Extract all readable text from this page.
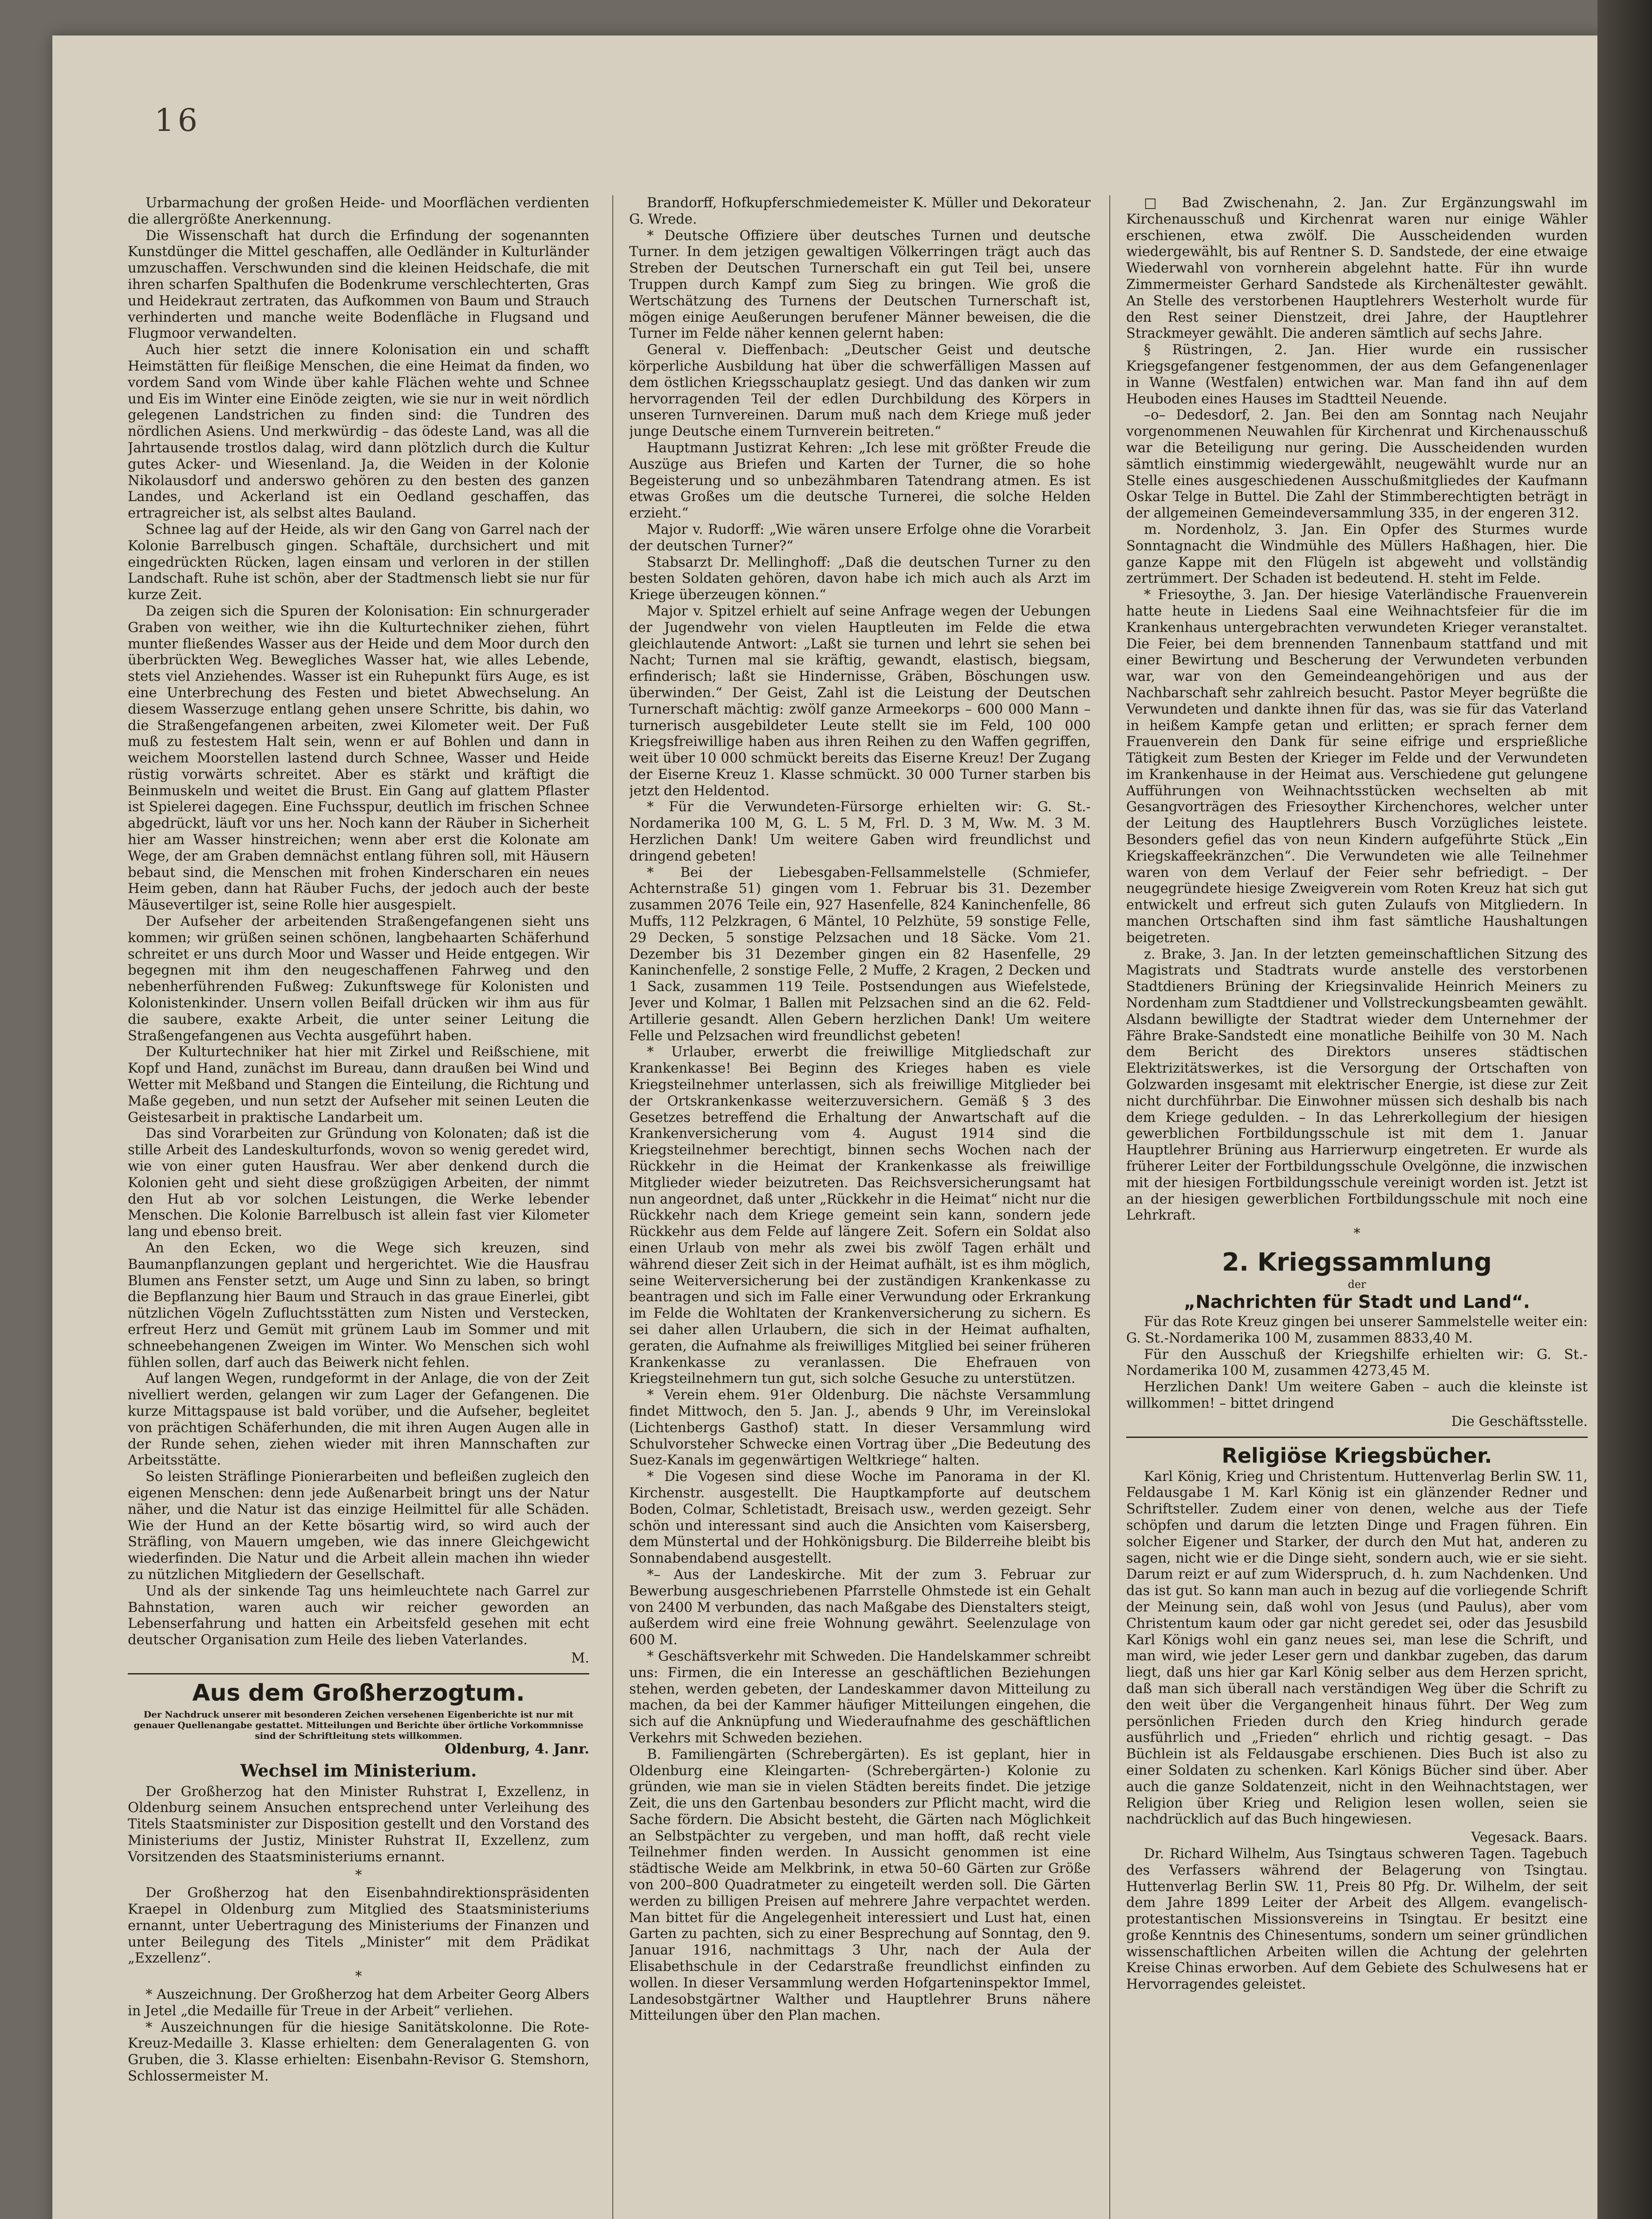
16

Urbarmachung der großen Heide- und Moorflächen verdienten die allergrößte Anerkennung.

Die Wissenschaft hat durch die Erfindung der sogenannten Kunstdünger die Mittel geschaffen, alle Oedländer in Kulturländer umzuschaffen. Verschwunden sind die kleinen Heidschafe, die mit ihren scharfen Spalthufen die Bodenkrume verschlechterten, Gras und Heidekraut zertraten, das Aufkommen von Baum und Strauch verhinderten und manche weite Bodenfläche in Flugsand und Flugmoor verwandelten.

Auch hier setzt die innere Kolonisation ein und schafft Heimstätten für fleißige Menschen, die eine Heimat da finden, wo vordem Sand vom Winde über kahle Flächen wehte und Schnee und Eis im Winter eine Einöde zeigten, wie sie nur in weit nördlich gelegenen Landstrichen zu finden sind: die Tundren des nördlichen Asiens. Und merkwürdig – das ödeste Land, was all die Jahrtausende trostlos dalag, wird dann plötzlich durch die Kultur gutes Acker- und Wiesenland. Ja, die Weiden in der Kolonie Nikolausdorf und anderswo gehören zu den besten des ganzen Landes, und Ackerland ist ein Oedland geschaffen, das ertragreicher ist, als selbst altes Bauland.

Schnee lag auf der Heide, als wir den Gang von Garrel nach der Kolonie Barrelbusch gingen. Schaftäle, durchsichert und mit eingedrückten Rücken, lagen einsam und verloren in der stillen Landschaft. Ruhe ist schön, aber der Stadtmensch liebt sie nur für kurze Zeit.

Da zeigen sich die Spuren der Kolonisation: Ein schnurgerader Graben von weither, wie ihn die Kulturtechniker ziehen, führt munter fließendes Wasser aus der Heide und dem Moor durch den überbrückten Weg. Bewegliches Wasser hat, wie alles Lebende, stets viel Anziehendes. Wasser ist ein Ruhepunkt fürs Auge, es ist eine Unterbrechung des Festen und bietet Abwechselung. An diesem Wasserzuge entlang gehen unsere Schritte, bis dahin, wo die Straßengefangenen arbeiten, zwei Kilometer weit. Der Fuß muß zu festestem Halt sein, wenn er auf Bohlen und dann in weichem Moorstellen lastend durch Schnee, Wasser und Heide rüstig vorwärts schreitet. Aber es stärkt und kräftigt die Beinmuskeln und weitet die Brust. Ein Gang auf glattem Pflaster ist Spielerei dagegen. Eine Fuchsspur, deutlich im frischen Schnee abgedrückt, läuft vor uns her. Noch kann der Räuber in Sicherheit hier am Wasser hinstreichen; wenn aber erst die Kolonate am Wege, der am Graben demnächst entlang führen soll, mit Häusern bebaut sind, die Menschen mit frohen Kinderscharen ein neues Heim geben, dann hat Räuber Fuchs, der jedoch auch der beste Mäusevertilger ist, seine Rolle hier ausgespielt.

Der Aufseher der arbeitenden Straßengefangenen sieht uns kommen; wir grüßen seinen schönen, langbehaarten Schäferhund schreitet er uns durch Moor und Wasser und Heide entgegen. Wir begegnen mit ihm den neugeschaffenen Fahrweg und den nebenherführenden Fußweg: Zukunftswege für Kolonisten und Kolonistenkinder. Unsern vollen Beifall drücken wir ihm aus für die saubere, exakte Arbeit, die unter seiner Leitung die Straßengefangenen aus Vechta ausgeführt haben.

Der Kulturtechniker hat hier mit Zirkel und Reißschiene, mit Kopf und Hand, zunächst im Bureau, dann draußen bei Wind und Wetter mit Meßband und Stangen die Einteilung, die Richtung und Maße gegeben, und nun setzt der Aufseher mit seinen Leuten die Geistesarbeit in praktische Landarbeit um.

Das sind Vorarbeiten zur Gründung von Kolonaten; daß ist die stille Arbeit des Landeskulturfonds, wovon so wenig geredet wird, wie von einer guten Hausfrau. Wer aber denkend durch die Kolonien geht und sieht diese großzügigen Arbeiten, der nimmt den Hut ab vor solchen Leistungen, die Werke lebender Menschen. Die Kolonie Barrelbusch ist allein fast vier Kilometer lang und ebenso breit.

An den Ecken, wo die Wege sich kreuzen, sind Baumanpflanzungen geplant und hergerichtet. Wie die Hausfrau Blumen ans Fenster setzt, um Auge und Sinn zu laben, so bringt die Bepflanzung hier Baum und Strauch in das graue Einerlei, gibt nützlichen Vögeln Zufluchtsstätten zum Nisten und Verstecken, erfreut Herz und Gemüt mit grünem Laub im Sommer und mit schneebehangenen Zweigen im Winter. Wo Menschen sich wohl fühlen sollen, darf auch das Beiwerk nicht fehlen.

Auf langen Wegen, rundgeformt in der Anlage, die von der Zeit nivelliert werden, gelangen wir zum Lager der Gefangenen. Die kurze Mittagspause ist bald vorüber, und die Aufseher, begleitet von prächtigen Schäferhunden, die mit ihren Augen Augen alle in der Runde sehen, ziehen wieder mit ihren Mannschaften zur Arbeitsstätte.

So leisten Sträflinge Pionierarbeiten und befleißen zugleich den eigenen Menschen: denn jede Außenarbeit bringt uns der Natur näher, und die Natur ist das einzige Heilmittel für alle Schäden. Wie der Hund an der Kette bösartig wird, so wird auch der Sträfling, von Mauern umgeben, wie das innere Gleichgewicht wiederfinden. Die Natur und die Arbeit allein machen ihn wieder zu nützlichen Mitgliedern der Gesellschaft.

Und als der sinkende Tag uns heimleuchtete nach Garrel zur Bahnstation, waren auch wir reicher geworden an Lebenserfahrung und hatten ein Arbeitsfeld gesehen mit echt deutscher Organisation zum Heile des lieben Vaterlandes.

M.

Aus dem Großherzogtum.

Der Nachdruck unserer mit besonderen Zeichen versehenen Eigenberichte ist nur mit genauer Quellenangabe gestattet. Mitteilungen und Berichte über örtliche Vorkommnisse sind der Schriftleitung stets willkommen.

Oldenburg, 4. Janr.

Wechsel im Ministerium.

Der Großherzog hat den Minister Ruhstrat I, Exzellenz, in Oldenburg seinem Ansuchen entsprechend unter Verleihung des Titels Staatsminister zur Disposition gestellt und den Vorstand des Ministeriums der Justiz, Minister Ruhstrat II, Exzellenz, zum Vorsitzenden des Staatsministeriums ernannt.

*

Der Großherzog hat den Eisenbahndirektionspräsidenten Kraepel in Oldenburg zum Mitglied des Staatsministeriums ernannt, unter Uebertragung des Ministeriums der Finanzen und unter Beilegung des Titels „Minister“ mit dem Prädikat „Exzellenz“.

*

* Auszeichnung. Der Großherzog hat dem Arbeiter Georg Albers in Jetel „die Medaille für Treue in der Arbeit“ verliehen.

* Auszeichnungen für die hiesige Sanitätskolonne. Die Rote-Kreuz-Medaille 3. Klasse erhielten: dem Generalagenten G. von Gruben, die 3. Klasse erhielten: Eisenbahn-Revisor G. Stemshorn, Schlossermeister M.

Brandorff, Hofkupferschmiedemeister K. Müller und Dekorateur G. Wrede.

* Deutsche Offiziere über deutsches Turnen und deutsche Turner. In dem jetzigen gewaltigen Völkerringen trägt auch das Streben der Deutschen Turnerschaft ein gut Teil bei, unsere Truppen durch Kampf zum Sieg zu bringen. Wie groß die Wertschätzung des Turnens der Deutschen Turnerschaft ist, mögen einige Aeußerungen berufener Männer beweisen, die die Turner im Felde näher kennen gelernt haben:

General v. Dieffenbach: „Deutscher Geist und deutsche körperliche Ausbildung hat über die schwerfälligen Massen auf dem östlichen Kriegsschauplatz gesiegt. Und das danken wir zum hervorragenden Teil der edlen Durchbildung des Körpers in unseren Turnvereinen. Darum muß nach dem Kriege muß jeder junge Deutsche einem Turnverein beitreten.“

Hauptmann Justizrat Kehren: „Ich lese mit größter Freude die Auszüge aus Briefen und Karten der Turner, die so hohe Begeisterung und so unbezähmbaren Tatendrang atmen. Es ist etwas Großes um die deutsche Turnerei, die solche Helden erzieht.“

Major v. Rudorff: „Wie wären unsere Erfolge ohne die Vorarbeit der deutschen Turner?“

Stabsarzt Dr. Mellinghoff: „Daß die deutschen Turner zu den besten Soldaten gehören, davon habe ich mich auch als Arzt im Kriege überzeugen können.“

Major v. Spitzel erhielt auf seine Anfrage wegen der Uebungen der Jugendwehr von vielen Hauptleuten im Felde die etwa gleichlautende Antwort: „Laßt sie turnen und lehrt sie sehen bei Nacht; Turnen mal sie kräftig, gewandt, elastisch, biegsam, erfinderisch; laßt sie Hindernisse, Gräben, Böschungen usw. überwinden.“ Der Geist, Zahl ist die Leistung der Deutschen Turnerschaft mächtig: zwölf ganze Armeekorps – 600 000 Mann – turnerisch ausgebildeter Leute stellt sie im Feld, 100 000 Kriegsfreiwillige haben aus ihren Reihen zu den Waffen gegriffen, weit über 10 000 schmückt bereits das Eiserne Kreuz! Der Zugang der Eiserne Kreuz 1. Klasse schmückt. 30 000 Turner starben bis jetzt den Heldentod.

* Für die Verwundeten-Fürsorge erhielten wir: G. St.-Nordamerika 100 M, G. L. 5 M, Frl. D. 3 M, Ww. M. 3 M. Herzlichen Dank! Um weitere Gaben wird freundlichst und dringend gebeten!

* Bei der Liebesgaben-Fellsammelstelle (Schmiefer, Achternstraße 51) gingen vom 1. Februar bis 31. Dezember zusammen 2076 Teile ein, 927 Hasenfelle, 824 Kaninchenfelle, 86 Muffs, 112 Pelzkragen, 6 Mäntel, 10 Pelzhüte, 59 sonstige Felle, 29 Decken, 5 sonstige Pelzsachen und 18 Säcke. Vom 21. Dezember bis 31 Dezember gingen ein 82 Hasenfelle, 29 Kaninchenfelle, 2 sonstige Felle, 2 Muffe, 2 Kragen, 2 Decken und 1 Sack, zusammen 119 Teile. Postsendungen aus Wiefelstede, Jever und Kolmar, 1 Ballen mit Pelzsachen sind an die 62. Feld-Artillerie gesandt. Allen Gebern herzlichen Dank! Um weitere Felle und Pelzsachen wird freundlichst gebeten!

* Urlauber, erwerbt die freiwillige Mitgliedschaft zur Krankenkasse! Bei Beginn des Krieges haben es viele Kriegsteilnehmer unterlassen, sich als freiwillige Mitglieder bei der Ortskrankenkasse weiterzuversichern. Gemäß § 3 des Gesetzes betreffend die Erhaltung der Anwartschaft auf die Krankenversicherung vom 4. August 1914 sind die Kriegsteilnehmer berechtigt, binnen sechs Wochen nach der Rückkehr in die Heimat der Krankenkasse als freiwillige Mitglieder wieder beizutreten. Das Reichsversicherungsamt hat nun angeordnet, daß unter „Rückkehr in die Heimat“ nicht nur die Rückkehr nach dem Kriege gemeint sein kann, sondern jede Rückkehr aus dem Felde auf längere Zeit. Sofern ein Soldat also einen Urlaub von mehr als zwei bis zwölf Tagen erhält und während dieser Zeit sich in der Heimat aufhält, ist es ihm möglich, seine Weiterversicherung bei der zuständigen Krankenkasse zu beantragen und sich im Falle einer Verwundung oder Erkrankung im Felde die Wohltaten der Krankenversicherung zu sichern. Es sei daher allen Urlaubern, die sich in der Heimat aufhalten, geraten, die Aufnahme als freiwilliges Mitglied bei seiner früheren Krankenkasse zu veranlassen. Die Ehefrauen von Kriegsteilnehmern tun gut, sich solche Gesuche zu unterstützen.

* Verein ehem. 91er Oldenburg. Die nächste Versammlung findet Mittwoch, den 5. Jan. J., abends 9 Uhr, im Vereinslokal (Lichtenbergs Gasthof) statt. In dieser Versammlung wird Schulvorsteher Schwecke einen Vortrag über „Die Bedeutung des Suez-Kanals im gegenwärtigen Weltkriege“ halten.

* Die Vogesen sind diese Woche im Panorama in der Kl. Kirchenstr. ausgestellt. Die Hauptkampforte auf deutschem Boden, Colmar, Schletistadt, Breisach usw., werden gezeigt. Sehr schön und interessant sind auch die Ansichten vom Kaisersberg, dem Münstertal und der Hohkönigsburg. Die Bilderreihe bleibt bis Sonnabendabend ausgestellt.

*– Aus der Landeskirche. Mit der zum 3. Februar zur Bewerbung ausgeschriebenen Pfarrstelle Ohmstede ist ein Gehalt von 2400 M verbunden, das nach Maßgabe des Dienstalters steigt, außerdem wird eine freie Wohnung gewährt. Seelenzulage von 600 M.

* Geschäftsverkehr mit Schweden. Die Handelskammer schreibt uns: Firmen, die ein Interesse an geschäftlichen Beziehungen stehen, werden gebeten, der Landeskammer davon Mitteilung zu machen, da bei der Kammer häufiger Mitteilungen eingehen, die sich auf die Anknüpfung und Wiederaufnahme des geschäftlichen Verkehrs mit Schweden beziehen.

B. Familiengärten (Schrebergärten). Es ist geplant, hier in Oldenburg eine Kleingarten- (Schrebergärten-) Kolonie zu gründen, wie man sie in vielen Städten bereits findet. Die jetzige Zeit, die uns den Gartenbau besonders zur Pflicht macht, wird die Sache fördern. Die Absicht besteht, die Gärten nach Möglichkeit an Selbstpächter zu vergeben, und man hofft, daß recht viele Teilnehmer finden werden. In Aussicht genommen ist eine städtische Weide am Melkbrink, in etwa 50–60 Gärten zur Größe von 200–800 Quadratmeter zu eingeteilt werden soll. Die Gärten werden zu billigen Preisen auf mehrere Jahre verpachtet werden. Man bittet für die Angelegenheit interessiert und Lust hat, einen Garten zu pachten, sich zu einer Besprechung auf Sonntag, den 9. Januar 1916, nachmittags 3 Uhr, nach der Aula der Elisabethschule in der Cedarstraße freundlichst einfinden zu wollen. In dieser Versammlung werden Hofgarteninspektor Immel, Landesobstgärtner Walther und Hauptlehrer Bruns nähere Mitteilungen über den Plan machen.

□ Bad Zwischenahn, 2. Jan. Zur Ergänzungswahl im Kirchenausschuß und Kirchenrat waren nur einige Wähler erschienen, etwa zwölf. Die Ausscheidenden wurden wiedergewählt, bis auf Rentner S. D. Sandstede, der eine etwaige Wiederwahl von vornherein abgelehnt hatte. Für ihn wurde Zimmermeister Gerhard Sandstede als Kirchenältester gewählt. An Stelle des verstorbenen Hauptlehrers Westerholt wurde für den Rest seiner Dienstzeit, drei Jahre, der Hauptlehrer Strackmeyer gewählt. Die anderen sämtlich auf sechs Jahre.

§ Rüstringen, 2. Jan. Hier wurde ein russischer Kriegsgefangener festgenommen, der aus dem Gefangenenlager in Wanne (Westfalen) entwichen war. Man fand ihn auf dem Heuboden eines Hauses im Stadtteil Neuende.

–o– Dedesdorf, 2. Jan. Bei den am Sonntag nach Neujahr vorgenommenen Neuwahlen für Kirchenrat und Kirchenausschuß war die Beteiligung nur gering. Die Ausscheidenden wurden sämtlich einstimmig wiedergewählt, neugewählt wurde nur an Stelle eines ausgeschiedenen Ausschußmitgliedes der Kaufmann Oskar Telge in Buttel. Die Zahl der Stimmberechtigten beträgt in der allgemeinen Gemeindeversammlung 335, in der engeren 312.

m. Nordenholz, 3. Jan. Ein Opfer des Sturmes wurde Sonntagnacht die Windmühle des Müllers Haßhagen, hier. Die ganze Kappe mit den Flügeln ist abgeweht und vollständig zertrümmert. Der Schaden ist bedeutend. H. steht im Felde.

* Friesoythe, 3. Jan. Der hiesige Vaterländische Frauenverein hatte heute in Liedens Saal eine Weihnachtsfeier für die im Krankenhaus untergebrachten verwundeten Krieger veranstaltet. Die Feier, bei dem brennenden Tannenbaum stattfand und mit einer Bewirtung und Bescherung der Verwundeten verbunden war, war von den Gemeindeangehörigen und aus der Nachbarschaft sehr zahlreich besucht. Pastor Meyer begrüßte die Verwundeten und dankte ihnen für das, was sie für das Vaterland in heißem Kampfe getan und erlitten; er sprach ferner dem Frauenverein den Dank für seine eifrige und ersprießliche Tätigkeit zum Besten der Krieger im Felde und der Verwundeten im Krankenhause in der Heimat aus. Verschiedene gut gelungene Aufführungen von Weihnachtsstücken wechselten ab mit Gesangvorträgen des Friesoyther Kirchenchores, welcher unter der Leitung des Hauptlehrers Busch Vorzügliches leistete. Besonders gefiel das von neun Kindern aufgeführte Stück „Ein Kriegskaffeekränzchen“. Die Verwundeten wie alle Teilnehmer waren von dem Verlauf der Feier sehr befriedigt. – Der neugegründete hiesige Zweigverein vom Roten Kreuz hat sich gut entwickelt und erfreut sich guten Zulaufs von Mitgliedern. In manchen Ortschaften sind ihm fast sämtliche Haushaltungen beigetreten.

z. Brake, 3. Jan. In der letzten gemeinschaftlichen Sitzung des Magistrats und Stadtrats wurde anstelle des verstorbenen Stadtdieners Brüning der Kriegsinvalide Heinrich Meiners zu Nordenham zum Stadtdiener und Vollstreckungsbeamten gewählt. Alsdann bewilligte der Stadtrat wieder dem Unternehmer der Fähre Brake-Sandstedt eine monatliche Beihilfe von 30 M. Nach dem Bericht des Direktors unseres städtischen Elektrizitätswerkes, ist die Versorgung der Ortschaften von Golzwarden insgesamt mit elektrischer Energie, ist diese zur Zeit nicht durchführbar. Die Einwohner müssen sich deshalb bis nach dem Kriege gedulden. – In das Lehrerkollegium der hiesigen gewerblichen Fortbildungsschule ist mit dem 1. Januar Hauptlehrer Brüning aus Harrierwurp eingetreten. Er wurde als früherer Leiter der Fortbildungsschule Ovelgönne, die inzwischen mit der hiesigen Fortbildungsschule vereinigt worden ist. Jetzt ist an der hiesigen gewerblichen Fortbildungsschule mit noch eine Lehrkraft.

*

2. Kriegssammlung

der

„Nachrichten für Stadt und Land“.

Für das Rote Kreuz gingen bei unserer Sammelstelle weiter ein: G. St.-Nordamerika 100 M, zusammen 8833,40 M.

Für den Ausschuß der Kriegshilfe erhielten wir: G. St.-Nordamerika 100 M, zusammen 4273,45 M.

Herzlichen Dank! Um weitere Gaben – auch die kleinste ist willkommen! – bittet dringend

Die Geschäftsstelle.

Religiöse Kriegsbücher.

Karl König, Krieg und Christentum. Huttenverlag Berlin SW. 11, Feldausgabe 1 M. Karl König ist ein glänzender Redner und Schriftsteller. Zudem einer von denen, welche aus der Tiefe schöpfen und darum die letzten Dinge und Fragen führen. Ein solcher Eigener und Starker, der durch den Mut hat, anderen zu sagen, nicht wie er die Dinge sieht, sondern auch, wie er sie sieht. Darum reizt er auf zum Widerspruch, d. h. zum Nachdenken. Und das ist gut. So kann man auch in bezug auf die vorliegende Schrift der Meinung sein, daß wohl von Jesus (und Paulus), aber vom Christentum kaum oder gar nicht geredet sei, oder das Jesusbild Karl Königs wohl ein ganz neues sei, man lese die Schrift, und man wird, wie jeder Leser gern und dankbar zugeben, das darum liegt, daß uns hier gar Karl König selber aus dem Herzen spricht, daß man sich überall nach verständigen Weg über die Schrift zu den weit über die Vergangenheit hinaus führt. Der Weg zum persönlichen Frieden durch den Krieg hindurch gerade ausführlich und „Frieden“ ehrlich und richtig gesagt. – Das Büchlein ist als Feldausgabe erschienen. Dies Buch ist also zu einer Soldaten zu schenken. Karl Königs Bücher sind über. Aber auch die ganze Soldatenzeit, nicht in den Weihnachtstagen, wer Religion über Krieg und Religion lesen wollen, seien sie nachdrücklich auf das Buch hingewiesen.

Vegesack. Baars.

Dr. Richard Wilhelm, Aus Tsingtaus schweren Tagen. Tagebuch des Verfassers während der Belagerung von Tsingtau. Huttenverlag Berlin SW. 11, Preis 80 Pfg. Dr. Wilhelm, der seit dem Jahre 1899 Leiter der Arbeit des Allgem. evangelisch-protestantischen Missionsvereins in Tsingtau. Er besitzt eine große Kenntnis des Chinesentums, sondern um seiner gründlichen wissenschaftlichen Arbeiten willen die Achtung der gelehrten Kreise Chinas erworben. Auf dem Gebiete des Schulwesens hat er Hervorragendes geleistet.
